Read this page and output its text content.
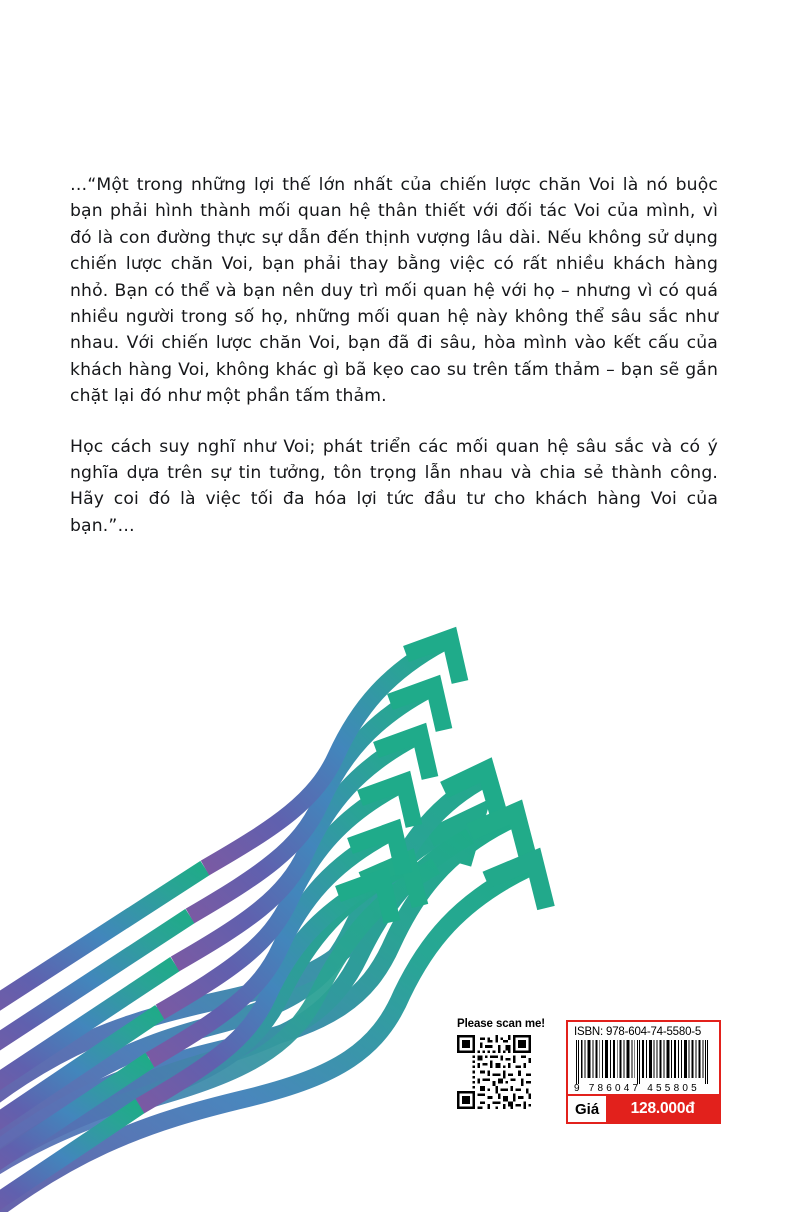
…“Một trong những lợi thế lớn nhất của chiến lược chăn Voi là nó buộc bạn phải hình thành mối quan hệ thân thiết với đối tác Voi của mình, vì đó là con đường thực sự dẫn đến thịnh vượng lâu dài. Nếu không sử dụng chiến lược chăn Voi, bạn phải thay bằng việc có rất nhiều khách hàng nhỏ. Bạn có thể và bạn nên duy trì mối quan hệ với họ – nhưng vì có quá nhiều người trong số họ, những mối quan hệ này không thể sâu sắc như nhau. Với chiến lược chăn Voi, bạn đã đi sâu, hòa mình vào kết cấu của khách hàng Voi, không khác gì bã kẹo cao su trên tấm thảm – bạn sẽ gắn chặt lại đó như một phần tấm thảm.

Học cách suy nghĩ như Voi; phát triển các mối quan hệ sâu sắc và có ý nghĩa dựa trên sự tin tưởng, tôn trọng lẫn nhau và chia sẻ thành công. Hãy coi đó là việc tối đa hóa lợi tức đầu tư cho khách hàng Voi của bạn.”…

Please scan me!

ISBN: 978-604-74-5580-5
9 786047 455805
Giá	128.000đ
